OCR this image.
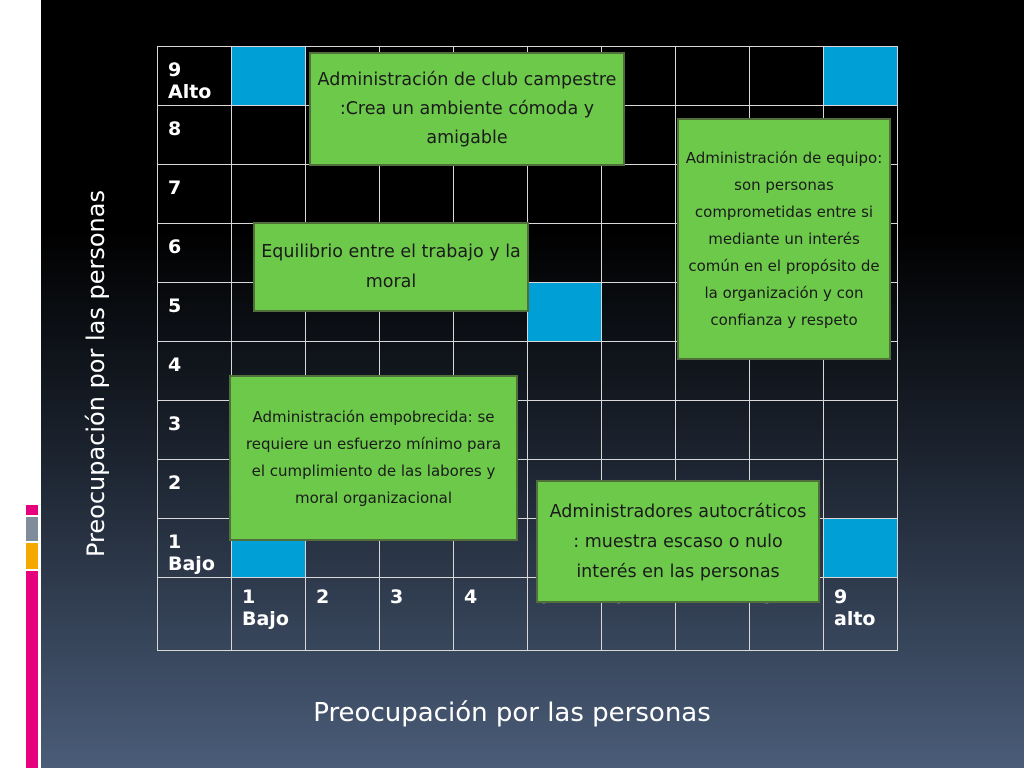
9
Alto									

8									

7									

6									

5									

4									

3									

2									

1
Bajo									

	1
Bajo	2	3	4					9
alto
Administración de club campestre :Crea un ambiente cómoda y amigable
Administración de equipo: son personas comprometidas entre si mediante un interés común en el propósito de la organización y con confianza y respeto
Equilibrio entre el trabajo y la moral
Administración empobrecida: se requiere un esfuerzo mínimo para el cumplimiento de las labores y moral organizacional
Administradores autocráticos : muestra escaso o nulo interés en las personas
Preocupación por las personas
Preocupación por las personas
